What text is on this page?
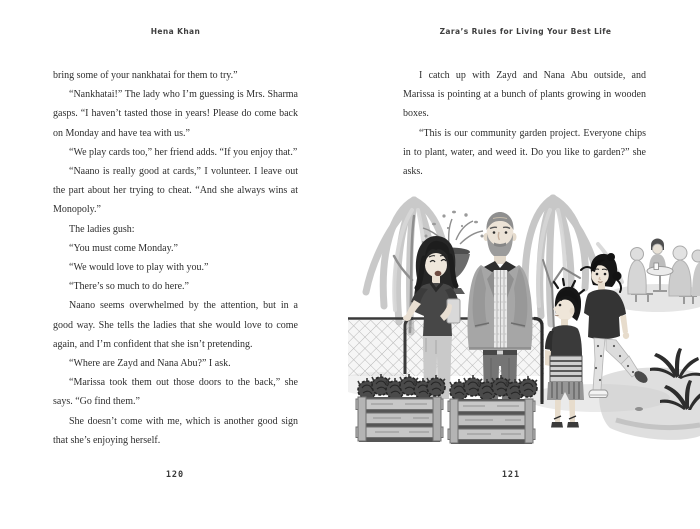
Hena Khan

bring some of your nankhatai for them to try.”

“Nankhatai!” The lady who I’m guessing is Mrs. Sharma gasps. “I haven’t tasted those in years! Please do come back on Monday and have tea with us.”

“We play cards too,” her friend adds. “If you enjoy that.”

“Naano is really good at cards,” I volunteer. I leave out the part about her trying to cheat. “And she always wins at Monopoly.”

The ladies gush:

“You must come Monday.”

“We would love to play with you.”

“There’s so much to do here.”

Naano seems overwhelmed by the attention, but in a good way. She tells the ladies that she would love to come again, and I’m confident that she isn’t pretending.

“Where are Zayd and Nana Abu?” I ask.

“Marissa took them out those doors to the back,” she says. “Go find them.”

She doesn’t come with me, which is another good sign that she’s enjoying herself.

120
Zara’s Rules for Living Your Best Life

I catch up with Zayd and Nana Abu outside, and Marissa is pointing at a bunch of plants growing in wooden boxes.

“This is our community garden project. Everyone chips in to plant, water, and weed it. Do you like to garden?” she asks.

121
